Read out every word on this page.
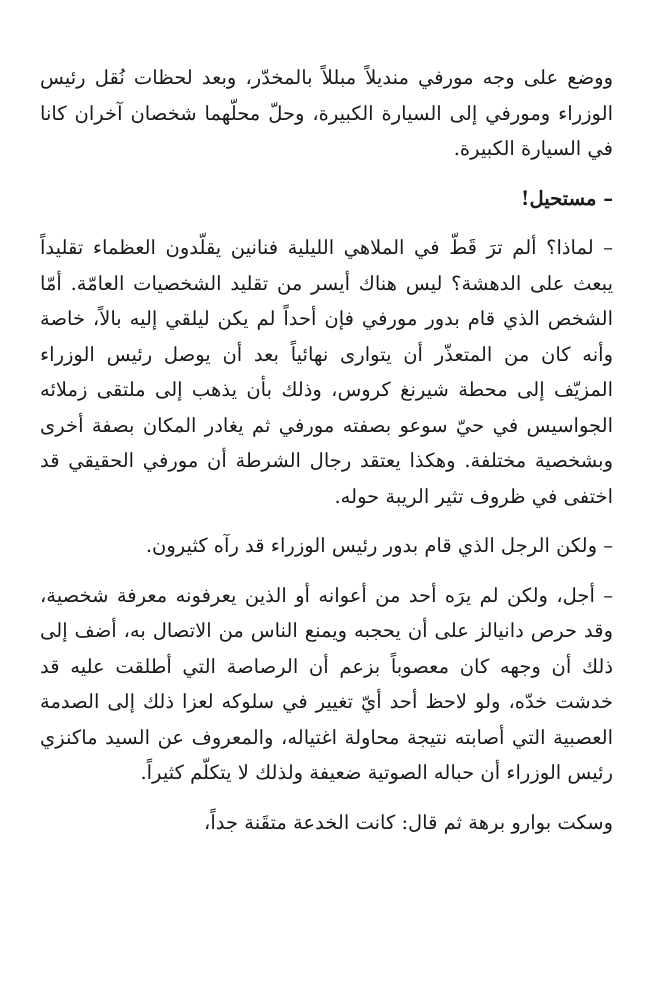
ووضع على وجه مورفي منديلاً مبللاً بالمخدّر، وبعد لحظات نُقل رئيس الوزراء ومورفي إلى السيارة الكبيرة، وحلّ محلّهما شخصان آخران كانا في السيارة الكبيرة.

– مستحيل!

– لماذا؟ ألم ترَ قَطّ في الملاهي الليلية فنانين يقلّدون العظماء تقليداً يبعث على الدهشة؟ ليس هناك أيسر من تقليد الشخصيات العامّة. أمّا الشخص الذي قام بدور مورفي فإن أحداً لم يكن ليلقي إليه بالاً، خاصة وأنه كان من المتعذّر أن يتوارى نهائياً بعد أن يوصل رئيس الوزراء المزيّف إلى محطة شيرنغ كروس، وذلك بأن يذهب إلى ملتقى زملائه الجواسيس في حيّ سوعو بصفته مورفي ثم يغادر المكان بصفة أخرى وبشخصية مختلفة. وهكذا يعتقد رجال الشرطة أن مورفي الحقيقي قد اختفى في ظروف تثير الريبة حوله.

– ولكن الرجل الذي قام بدور رئيس الوزراء قد رآه كثيرون.

– أجل، ولكن لم يرَه أحد من أعوانه أو الذين يعرفونه معرفة شخصية، وقد حرص دانيالز على أن يحجبه ويمنع الناس من الاتصال به، أضف إلى ذلك أن وجهه كان معصوباً بزعم أن الرصاصة التي أطلقت عليه قد خدشت خدّه، ولو لاحظ أحد أيّ تغيير في سلوكه لعزا ذلك إلى الصدمة العصبية التي أصابته نتيجة محاولة اغتياله، والمعروف عن السيد ماكنزي رئيس الوزراء أن حباله الصوتية ضعيفة ولذلك لا يتكلّم كثيراً.

وسكت بوارو برهة ثم قال: كانت الخدعة متقَنة جداً،
